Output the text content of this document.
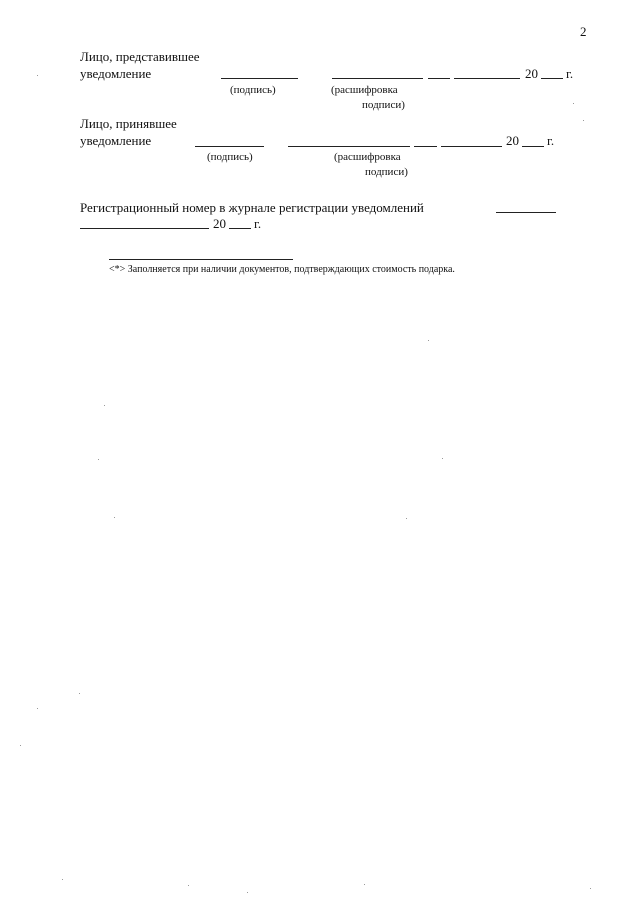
2
Лицо, представившее
уведомление	20 г.
(подпись)	(расшифровка
подписи)
Лицо, принявшее
уведомление	20 г.
(подпись)	(расшифровка
подписи)
Регистрационный номер в журнале регистрации уведомлений
20 г.
<*> Заполняется при наличии документов, подтверждающих стоимость подарка.
